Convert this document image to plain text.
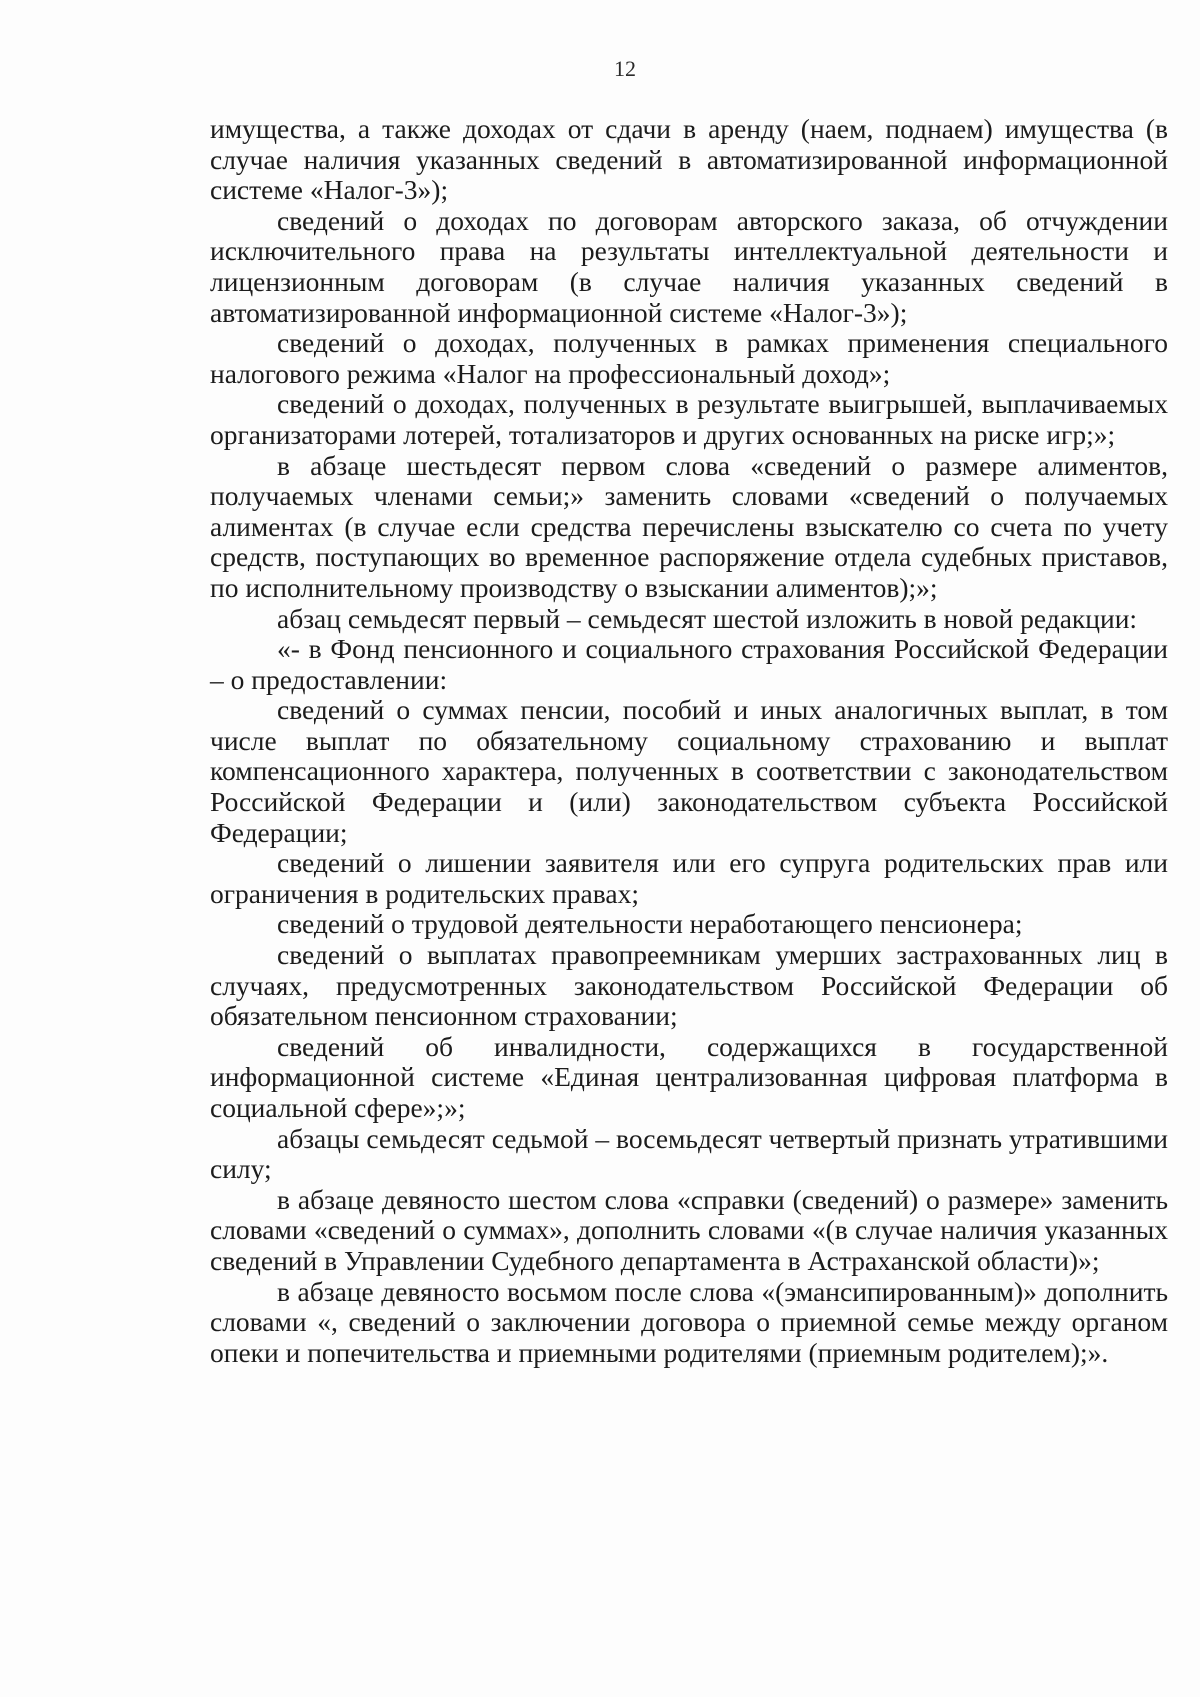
12

имущества, а также доходах от сдачи в аренду (наем, поднаем) имущества (в случае наличия указанных сведений в автоматизированной информационной системе «Налог-3»);

сведений о доходах по договорам авторского заказа, об отчуждении исключительного права на результаты интеллектуальной деятельности и лицензионным договорам (в случае наличия указанных сведений в автоматизированной информационной системе «Налог-3»);

сведений о доходах, полученных в рамках применения специального налогового режима «Налог на профессиональный доход»;

сведений о доходах, полученных в результате выигрышей, выплачиваемых организаторами лотерей, тотализаторов и других основанных на риске игр;»;

в абзаце шестьдесят первом слова «сведений о размере алиментов, получаемых членами семьи;» заменить словами «сведений о получаемых алиментах (в случае если средства перечислены взыскателю со счета по учету средств, поступающих во временное распоряжение отдела судебных приставов, по исполнительному производству о взыскании алиментов);»;

абзац семьдесят первый – семьдесят шестой изложить в новой редакции:

«- в Фонд пенсионного и социального страхования Российской Федерации – о предоставлении:

сведений о суммах пенсии, пособий и иных аналогичных выплат, в том числе выплат по обязательному социальному страхованию и выплат компенсационного характера, полученных в соответствии с законодательством Российской Федерации и (или) законодательством субъекта Российской Федерации;

сведений о лишении заявителя или его супруга родительских прав или ограничения в родительских правах;

сведений о трудовой деятельности неработающего пенсионера;

сведений о выплатах правопреемникам умерших застрахованных лиц в случаях, предусмотренных законодательством Российской Федерации об обязательном пенсионном страховании;

сведений об инвалидности, содержащихся в государственной информационной системе «Единая централизованная цифровая платформа в социальной сфере»;»;

абзацы семьдесят седьмой – восемьдесят четвертый признать утратившими силу;

в абзаце девяносто шестом слова «справки (сведений) о размере» заменить словами «сведений о суммах», дополнить словами «(в случае наличия указанных сведений в Управлении Судебного департамента в Астраханской области)»;

в абзаце девяносто восьмом после слова «(эмансипированным)» дополнить словами «, сведений о заключении договора о приемной семье между органом опеки и попечительства и приемными родителями (приемным родителем);».
